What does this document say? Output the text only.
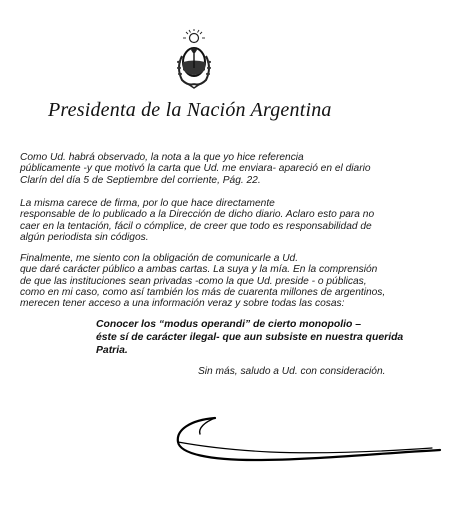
Presidenta de la Nación Argentina

Como Ud. habrá observado, la nota a la que yo hice referencia
públicamente -y que motivó la carta que Ud. me enviara- apareció en el diario
Clarín del día 5 de Septiembre del corriente, Pág. 22.

La misma carece de firma, por lo que hace directamente
responsable de lo publicado a la Dirección de dicho diario. Aclaro esto para no
caer en la tentación, fácil o cómplice, de creer que todo es responsabilidad de
algún periodista sin códigos.

Finalmente, me siento con la obligación de comunicarle a Ud.
que daré carácter público a ambas cartas. La suya y la mía. En la comprensión
de que las instituciones sean privadas -como la que Ud. preside - o públicas,
como en mi caso, como así también los más de cuarenta millones de argentinos,
merecen tener acceso a una información veraz y sobre todas las cosas:

Conocer los “modus operandi” de cierto monopolio –
éste sí de carácter ilegal- que aun subsiste en nuestra querida Patria.

Sin más, saludo a Ud. con consideración.
